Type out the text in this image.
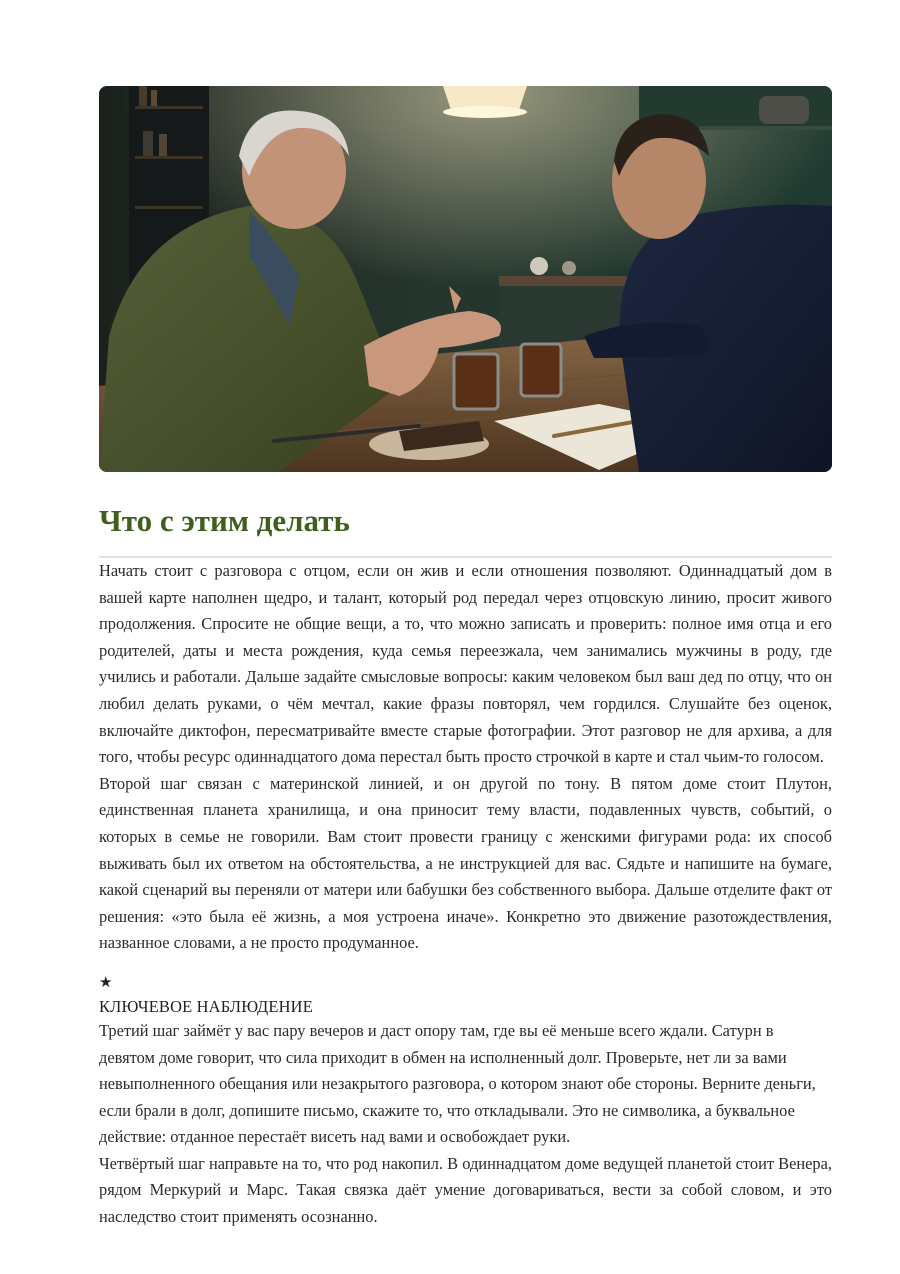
Что с этим делать

Начать стоит с разговора с отцом, если он жив и если отношения позволяют. Одиннадцатый дом в вашей карте наполнен щедро, и талант, который род передал через отцовскую линию, просит живого продолжения. Спросите не общие вещи, а то, что можно записать и проверить: полное имя отца и его родителей, даты и места рождения, куда семья переезжала, чем занимались мужчины в роду, где учились и работали. Дальше задайте смысловые вопросы: каким человеком был ваш дед по отцу, что он любил делать руками, о чём мечтал, какие фразы повторял, чем гордился. Слушайте без оценок, включайте диктофон, пересматривайте вместе старые фотографии. Этот разговор не для архива, а для того, чтобы ресурс одиннадцатого дома перестал быть просто строчкой в карте и стал чьим-то голосом.

Второй шаг связан с материнской линией, и он другой по тону. В пятом доме стоит Плутон, единственная планета хранилища, и она приносит тему власти, подавленных чувств, событий, о которых в семье не говорили. Вам стоит провести границу с женскими фигурами рода: их способ выживать был их ответом на обстоятельства, а не инструкцией для вас. Сядьте и напишите на бумаге, какой сценарий вы переняли от матери или бабушки без собственного выбора. Дальше отделите факт от решения: «это была её жизнь, а моя устроена иначе». Конкретно это движение разотождествления, названное словами, а не просто продуманное.

★
КЛЮЧЕВОЕ НАБЛЮДЕНИЕ

Третий шаг займёт у вас пару вечеров и даст опору там, где вы её меньше всего ждали. Сатурн в девятом доме говорит, что сила приходит в обмен на исполненный долг. Проверьте, нет ли за вами невыполненного обещания или незакрытого разговора, о котором знают обе стороны. Верните деньги, если брали в долг, допишите письмо, скажите то, что откладывали. Это не символика, а буквальное действие: отданное перестаёт висеть над вами и освобождает руки.

Четвёртый шаг направьте на то, что род накопил. В одиннадцатом доме ведущей планетой стоит Венера, рядом Меркурий и Марс. Такая связка даёт умение договариваться, вести за собой словом, и это наследство стоит применять осознанно.
